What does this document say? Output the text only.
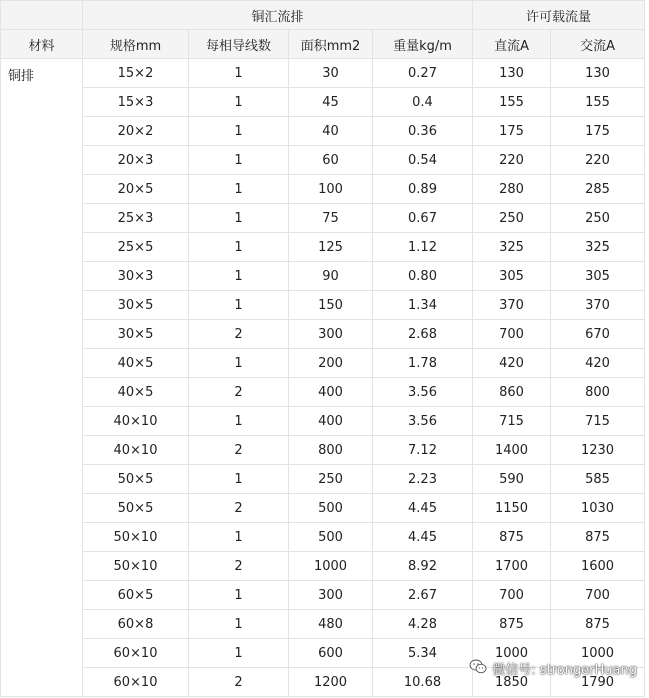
	铜汇流排				许可载流量	
材料	规格mm	每相导线数	面积mm2	重量kg/m	直流A	交流A
铜排	15×2	1	30	0.27	130	130
	15×3	1	45	0.4	155	155
	20×2	1	40	0.36	175	175
	20×3	1	60	0.54	220	220
	20×5	1	100	0.89	280	285
	25×3	1	75	0.67	250	250
	25×5	1	125	1.12	325	325
	30×3	1	90	0.80	305	305
	30×5	1	150	1.34	370	370
	30×5	2	300	2.68	700	670
	40×5	1	200	1.78	420	420
	40×5	2	400	3.56	860	800
	40×10	1	400	3.56	715	715
	40×10	2	800	7.12	1400	1230
	50×5	1	250	2.23	590	585
	50×5	2	500	4.45	1150	1030
	50×10	1	500	4.45	875	875
	50×10	2	1000	8.92	1700	1600
	60×5	1	300	2.67	700	700
	60×8	1	480	4.28	875	875
	60×10	1	600	5.34	1000	1000
	60×10	2	1200	10.68	1850	1790
微信号: strongerHuang
